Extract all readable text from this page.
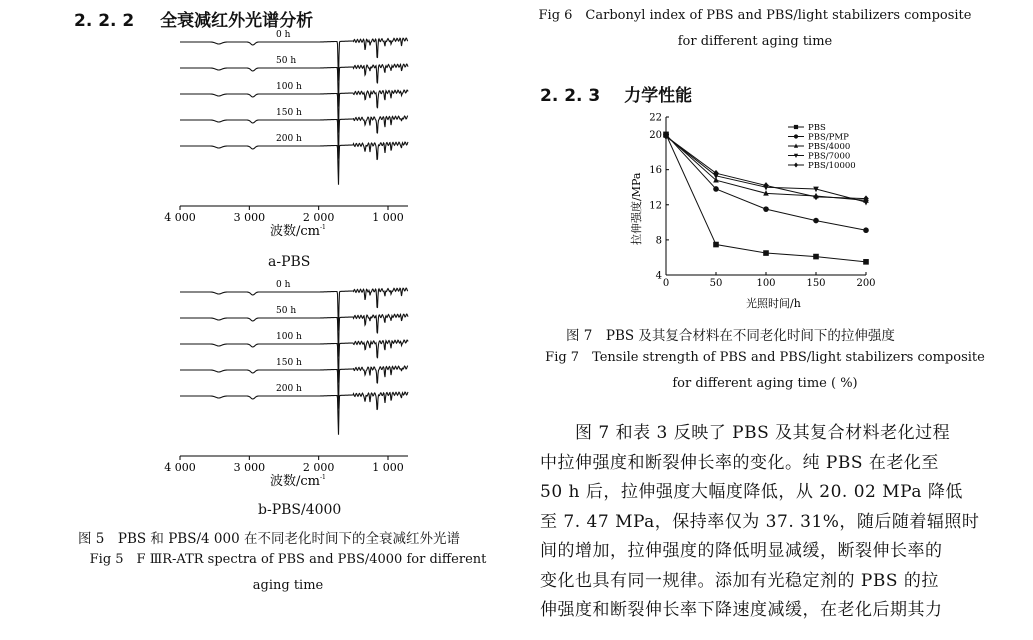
2. 2. 2 全衰减红外光谱分析
0 h
50 h
100 h
150 h
200 h
4 000	3 000	2 000	1 000
波数$/cm^{-1}$
a-PBS
0 h
50 h
100 h
150 h
200 h
4 000	3 000	2 000	1 000
波数$/cm^{-1}$
b-PBS/4000
图 5　PBS 和 PBS/4 000 在不同老化时间下的全衰减红外光谱
Fig 5　F ⅢR-ATR spectra of PBS and PBS/4000 for different
aging time
Fig 6　Carbonyl index of PBS and PBS/light stabilizers composite
for different aging time
2. 2. 3 力学性能
0	50	100	150	200
4
8
12
16
20
22
PBS
PBS/PMP
PBS/4000
PBS/7000
PBS/10000
拉伸强度/MPa
光照时间/h
图 7　PBS 及其复合材料在不同老化时间下的拉伸强度
Fig 7　Tensile strength of PBS and PBS/light stabilizers composite
for different aging time ( %)

　　图 7 和表 3 反映了 PBS 及其复合材料老化过程

中拉伸强度和断裂伸长率的变化。纯 PBS 在老化至

50 h 后，拉伸强度大幅度降低，从 20. 02 MPa 降低

至 7. 47 MPa，保持率仅为 37. 31%，随后随着辐照时

间的增加，拉伸强度的降低明显减缓，断裂伸长率的

变化也具有同一规律。添加有光稳定剂的 PBS 的拉

伸强度和断裂伸长率下降速度减缓，在老化后期其力
